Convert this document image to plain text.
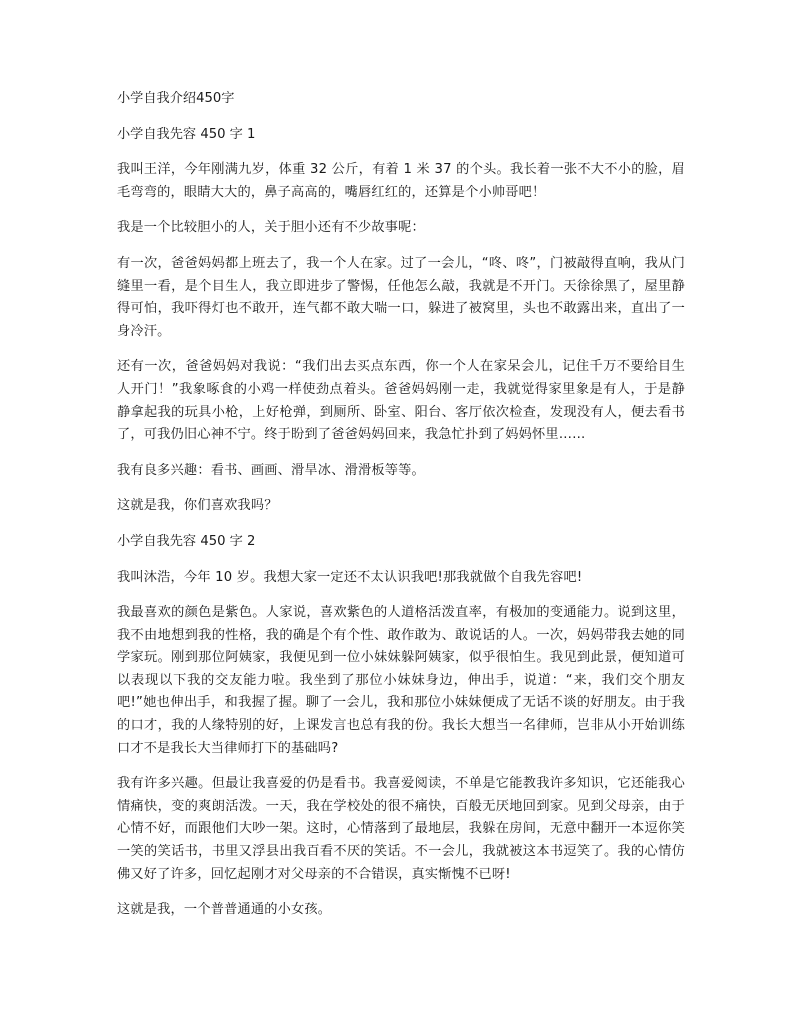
小学自我介绍450字

小学自我先容 450 字 1

我叫王洋，今年刚满九岁，体重 32 公斤，有着 1 米 37 的个头。我长着一张不大不小的脸，眉毛弯弯的，眼睛大大的，鼻子高高的，嘴唇红红的，还算是个小帅哥吧！

我是一个比较胆小的人，关于胆小还有不少故事呢：

有一次，爸爸妈妈都上班去了，我一个人在家。过了一会儿，“咚、咚”，门被敲得直响，我从门缝里一看，是个目生人，我立即进步了警惕，任他怎么敲，我就是不开门。天徐徐黑了，屋里静得可怕，我吓得灯也不敢开，连气都不敢大喘一口，躲进了被窝里，头也不敢露出来，直出了一身冷汗。

还有一次，爸爸妈妈对我说：“我们出去买点东西，你一个人在家呆会儿，记住千万不要给目生人开门！”我象啄食的小鸡一样使劲点着头。爸爸妈妈刚一走，我就觉得家里象是有人，于是静静拿起我的玩具小枪，上好枪弹，到厕所、卧室、阳台、客厅依次检查，发现没有人，便去看书了，可我仍旧心神不宁。终于盼到了爸爸妈妈回来，我急忙扑到了妈妈怀里……

我有良多兴趣：看书、画画、滑旱冰、滑滑板等等。

这就是我，你们喜欢我吗？

小学自我先容 450 字 2

我叫沐浩，今年 10 岁。我想大家一定还不太认识我吧!那我就做个自我先容吧!

我最喜欢的颜色是紫色。人家说，喜欢紫色的人道格活泼直率，有极加的变通能力。说到这里，我不由地想到我的性格，我的确是个有个性、敢作敢为、敢说话的人。一次，妈妈带我去她的同学家玩。刚到那位阿姨家，我便见到一位小妹妹躲阿姨家，似乎很怕生。我见到此景，便知道可以表现以下我的交友能力啦。我坐到了那位小妹妹身边，伸出手，说道：“来，我们交个朋友吧!”她也伸出手，和我握了握。聊了一会儿，我和那位小妹妹便成了无话不谈的好朋友。由于我的口才，我的人缘特别的好，上课发言也总有我的份。我长大想当一名律师，岂非从小开始训练口才不是我长大当律师打下的基础吗?

我有许多兴趣。但最让我喜爱的仍是看书。我喜爱阅读，不单是它能教我许多知识，它还能我心情痛快，变的爽朗活泼。一天，我在学校处的很不痛快，百般无厌地回到家。见到父母亲，由于心情不好，而跟他们大吵一架。这时，心情落到了最地层，我躲在房间，无意中翻开一本逗你笑一笑的笑话书，书里又浮县出我百看不厌的笑话。不一会儿，我就被这本书逗笑了。我的心情仿佛又好了许多，回忆起刚才对父母亲的不合错误，真实惭愧不已呀!

这就是我，一个普普通通的小女孩。
